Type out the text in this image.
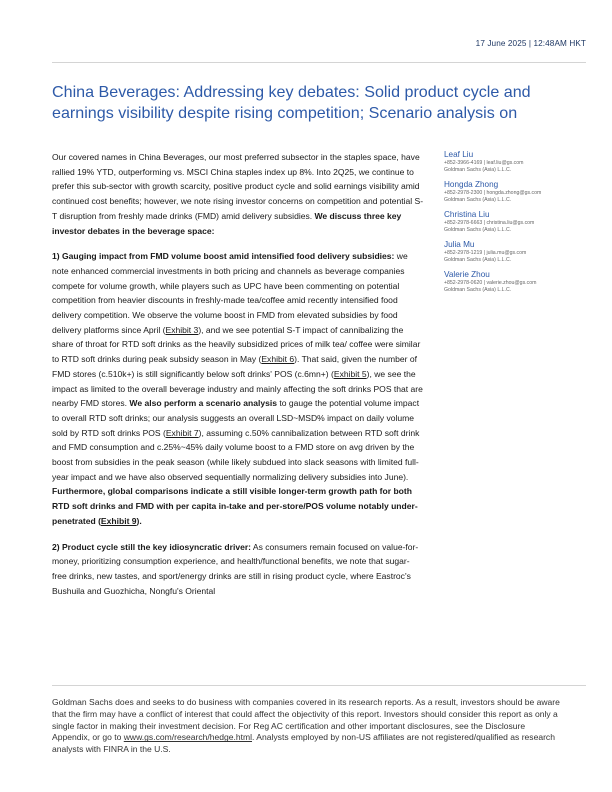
17 June 2025 | 12:48AM HKT
China Beverages: Addressing key debates: Solid product cycle and earnings visibility despite rising competition; Scenario analysis on

Our covered names in China Beverages, our most preferred subsector in the staples space, have rallied 19% YTD, outperforming vs. MSCI China staples index up 8%. Into 2Q25, we continue to prefer this sub-sector with growth scarcity, positive product cycle and solid earnings visibility amid continued cost benefits; however, we note rising investor concerns on competition and potential S-T disruption from freshly made drinks (FMD) amid delivery subsidies. We discuss three key investor debates in the beverage space:

1) Gauging impact from FMD volume boost amid intensified food delivery subsidies: we note enhanced commercial investments in both pricing and channels as beverage companies compete for volume growth, while players such as UPC have been commenting on potential competition from heavier discounts in freshly-made tea/coffee amid recently intensified food delivery competition. We observe the volume boost in FMD from elevated subsidies by food delivery platforms since April (Exhibit 3), and we see potential S-T impact of cannibalizing the share of throat for RTD soft drinks as the heavily subsidized prices of milk tea/ coffee were similar to RTD soft drinks during peak subsidy season in May (Exhibit 6). That said, given the number of FMD stores (c.510k+) is still significantly below soft drinks' POS (c.6mn+) (Exhibit 5), we see the impact as limited to the overall beverage industry and mainly affecting the soft drinks POS that are nearby FMD stores. We also perform a scenario analysis to gauge the potential volume impact to overall RTD soft drinks; our analysis suggests an overall LSD~MSD% impact on daily volume sold by RTD soft drinks POS (Exhibit 7), assuming c.50% cannibalization between RTD soft drink and FMD consumption and c.25%~45% daily volume boost to a FMD store on avg driven by the boost from subsidies in the peak season (while likely subdued into slack seasons with limited full-year impact and we have also observed sequentially normalizing delivery subsidies into June). Furthermore, global comparisons indicate a still visible longer-term growth path for both RTD soft drinks and FMD with per capita in-take and per-store/POS volume notably under-penetrated (Exhibit 9).

2) Product cycle still the key idiosyncratic driver: As consumers remain focused on value-for-money, prioritizing consumption experience, and health/functional benefits, we note that sugar-free drinks, new tastes, and sport/energy drinks are still in rising product cycle, where Eastroc's Bushuila and Guozhicha, Nongfu's Oriental

Leaf Liu
+852-3966-4169 | leaf.liu@gs.com
Goldman Sachs (Asia) L.L.C.
Hongda Zhong
+852-2978-2300 | hongda.zhong@gs.com
Goldman Sachs (Asia) L.L.C.
Christina Liu
+852-2978-6663 | christina.liu@gs.com
Goldman Sachs (Asia) L.L.C.
Julia Mu
+852-2978-1219 | julia.mu@gs.com
Goldman Sachs (Asia) L.L.C.
Valerie Zhou
+852-2978-0620 | valerie.zhou@gs.com
Goldman Sachs (Asia) L.L.C.

Goldman Sachs does and seeks to do business with companies covered in its research reports. As a result, investors should be aware that the firm may have a conflict of interest that could affect the objectivity of this report. Investors should consider this report as only a single factor in making their investment decision. For Reg AC certification and other important disclosures, see the Disclosure Appendix, or go to www.gs.com/research/hedge.html. Analysts employed by non-US affiliates are not registered/qualified as research analysts with FINRA in the U.S.
